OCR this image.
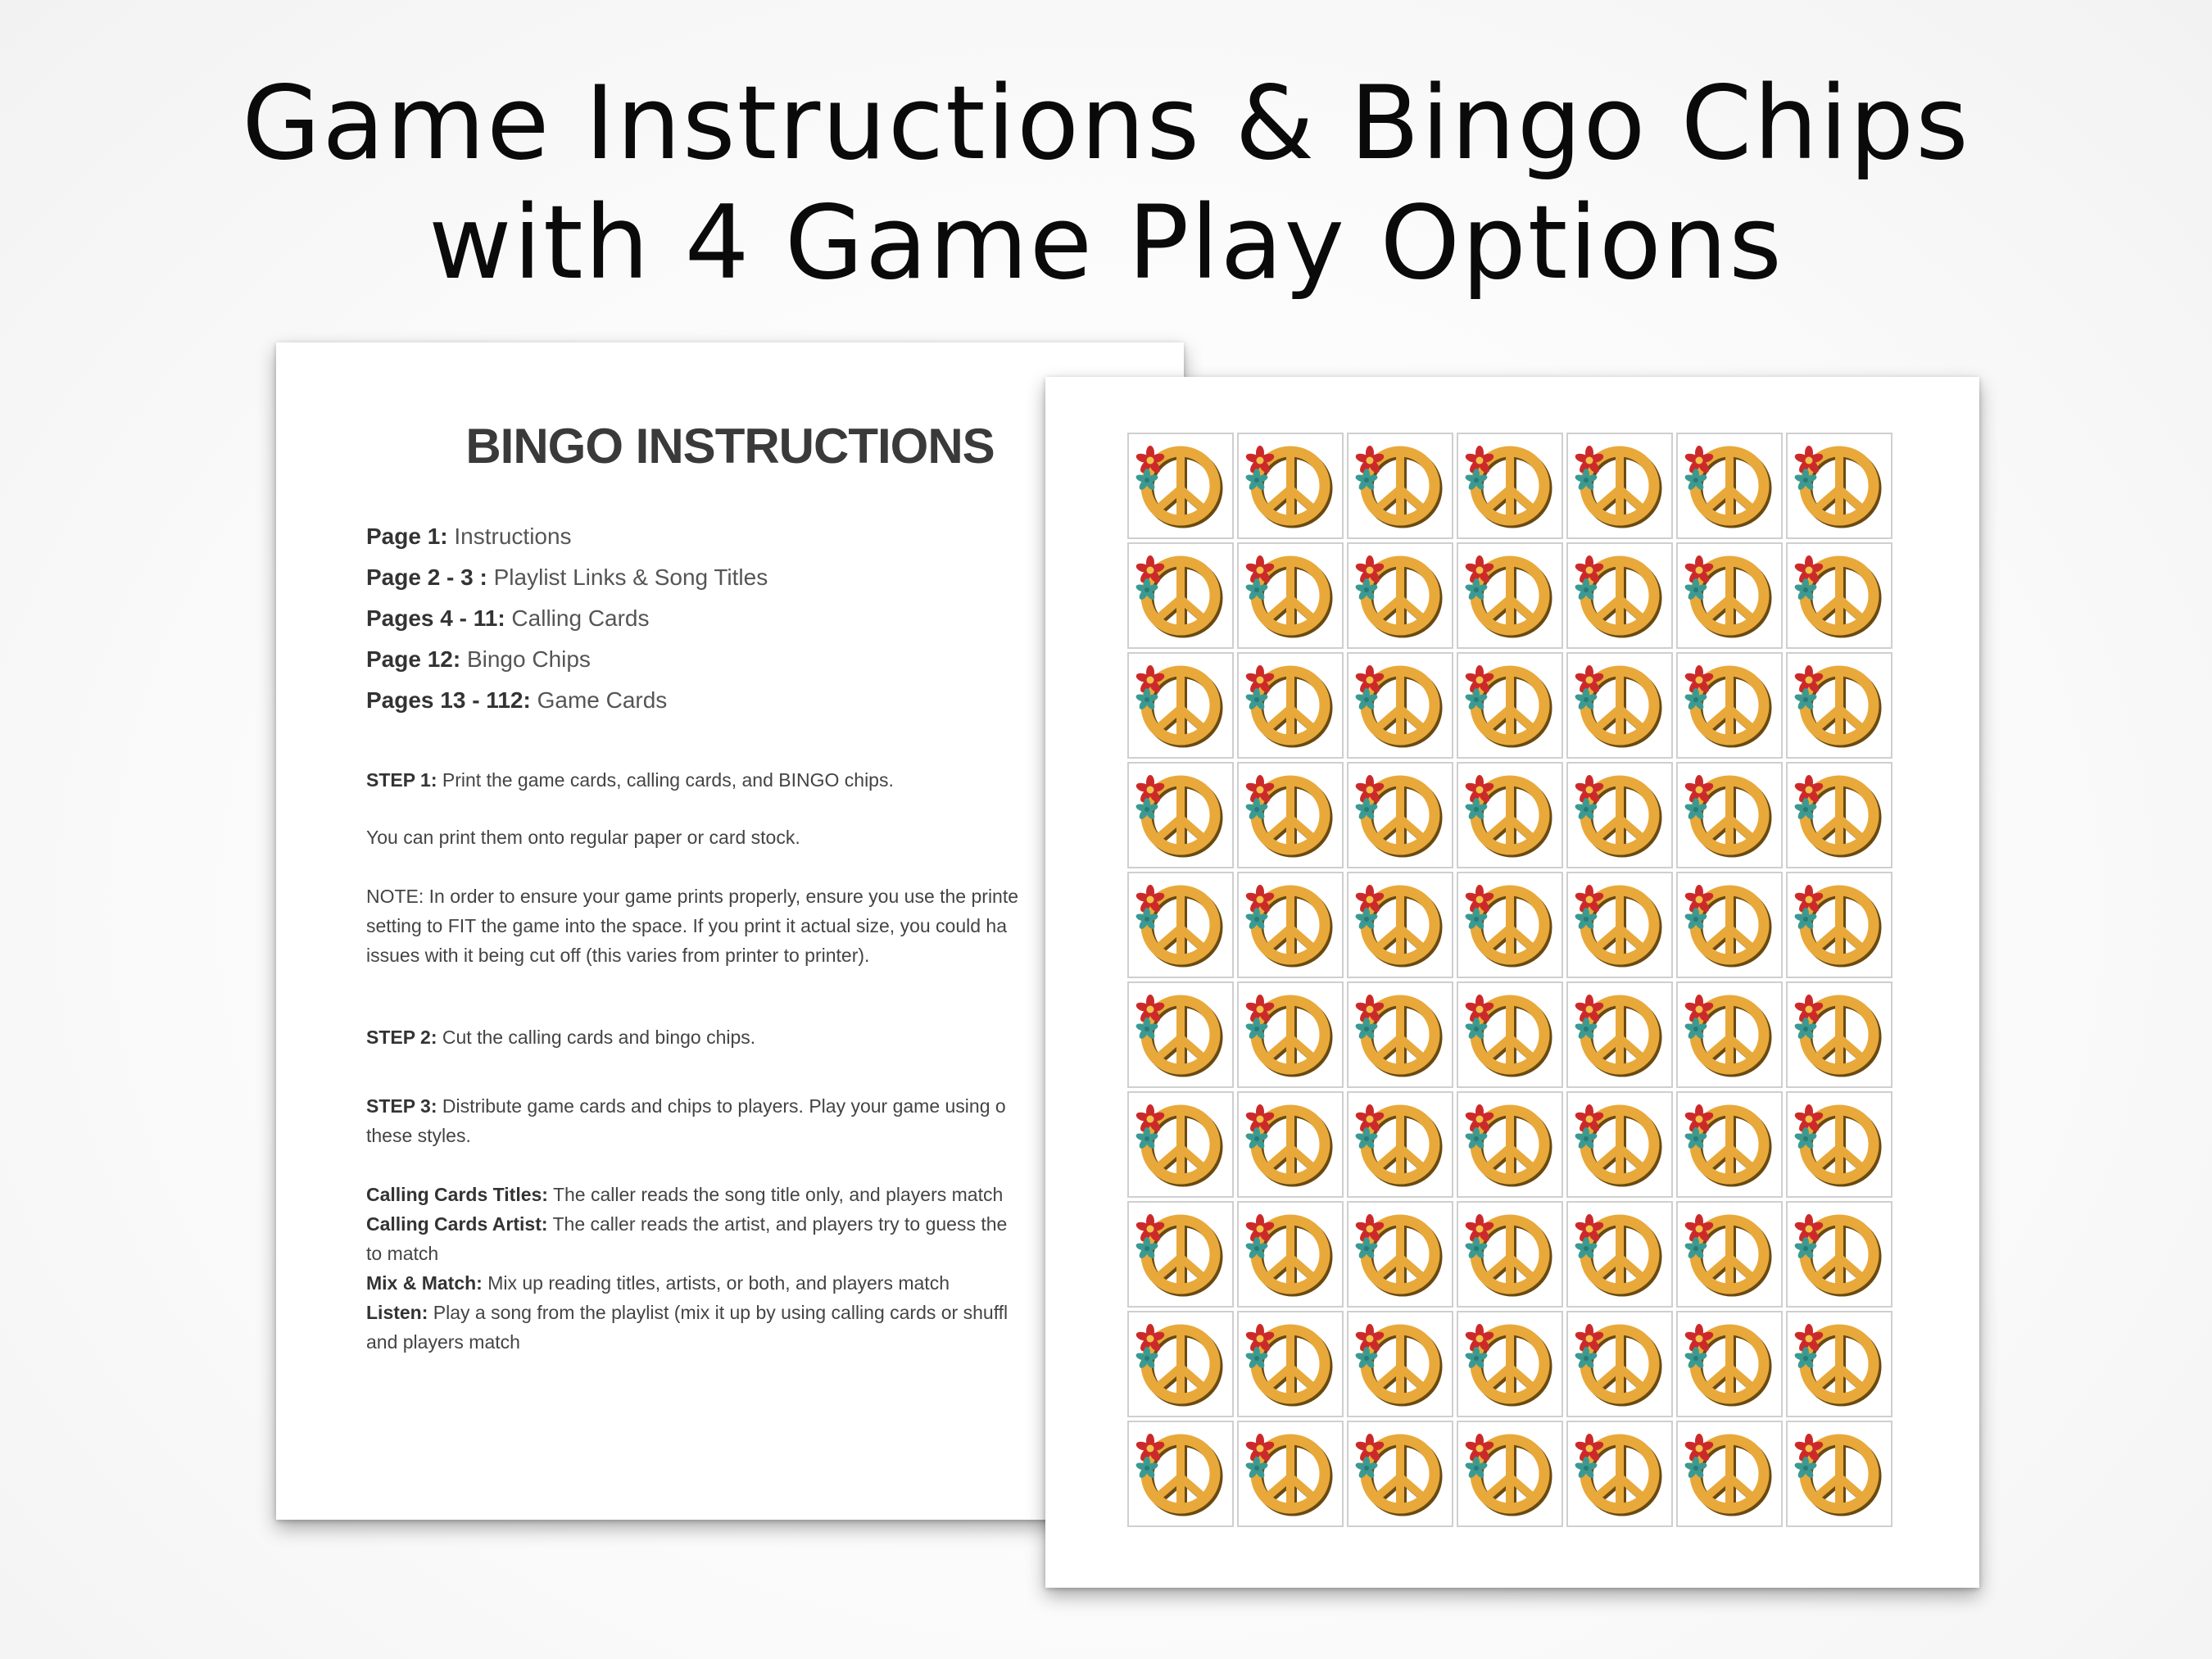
Game Instructions & Bingo Chips
with 4 Game Play Options
BINGO INSTRUCTIONS
Page 1: Instructions
Page 2 - 3 : Playlist Links & Song Titles
Pages 4 - 11: Calling Cards
Page 12: Bingo Chips
Pages 13 - 112: Game Cards
STEP 1: Print the game cards, calling cards, and BINGO chips.
You can print them onto regular paper or card stock.
NOTE: In order to ensure your game prints properly, ensure you use the printe
setting to FIT the game into the space. If you print it actual size, you could ha
issues with it being cut off (this varies from printer to printer).
STEP 2: Cut the calling cards and bingo chips.
STEP 3: Distribute game cards and chips to players. Play your game using o
these styles.
Calling Cards Titles: The caller reads the song title only, and players match
Calling Cards Artist: The caller reads the artist, and players try to guess the
to match
Mix & Match: Mix up reading titles, artists, or both, and players match
Listen: Play a song from the playlist (mix it up by using calling cards or shuffl
and players match
